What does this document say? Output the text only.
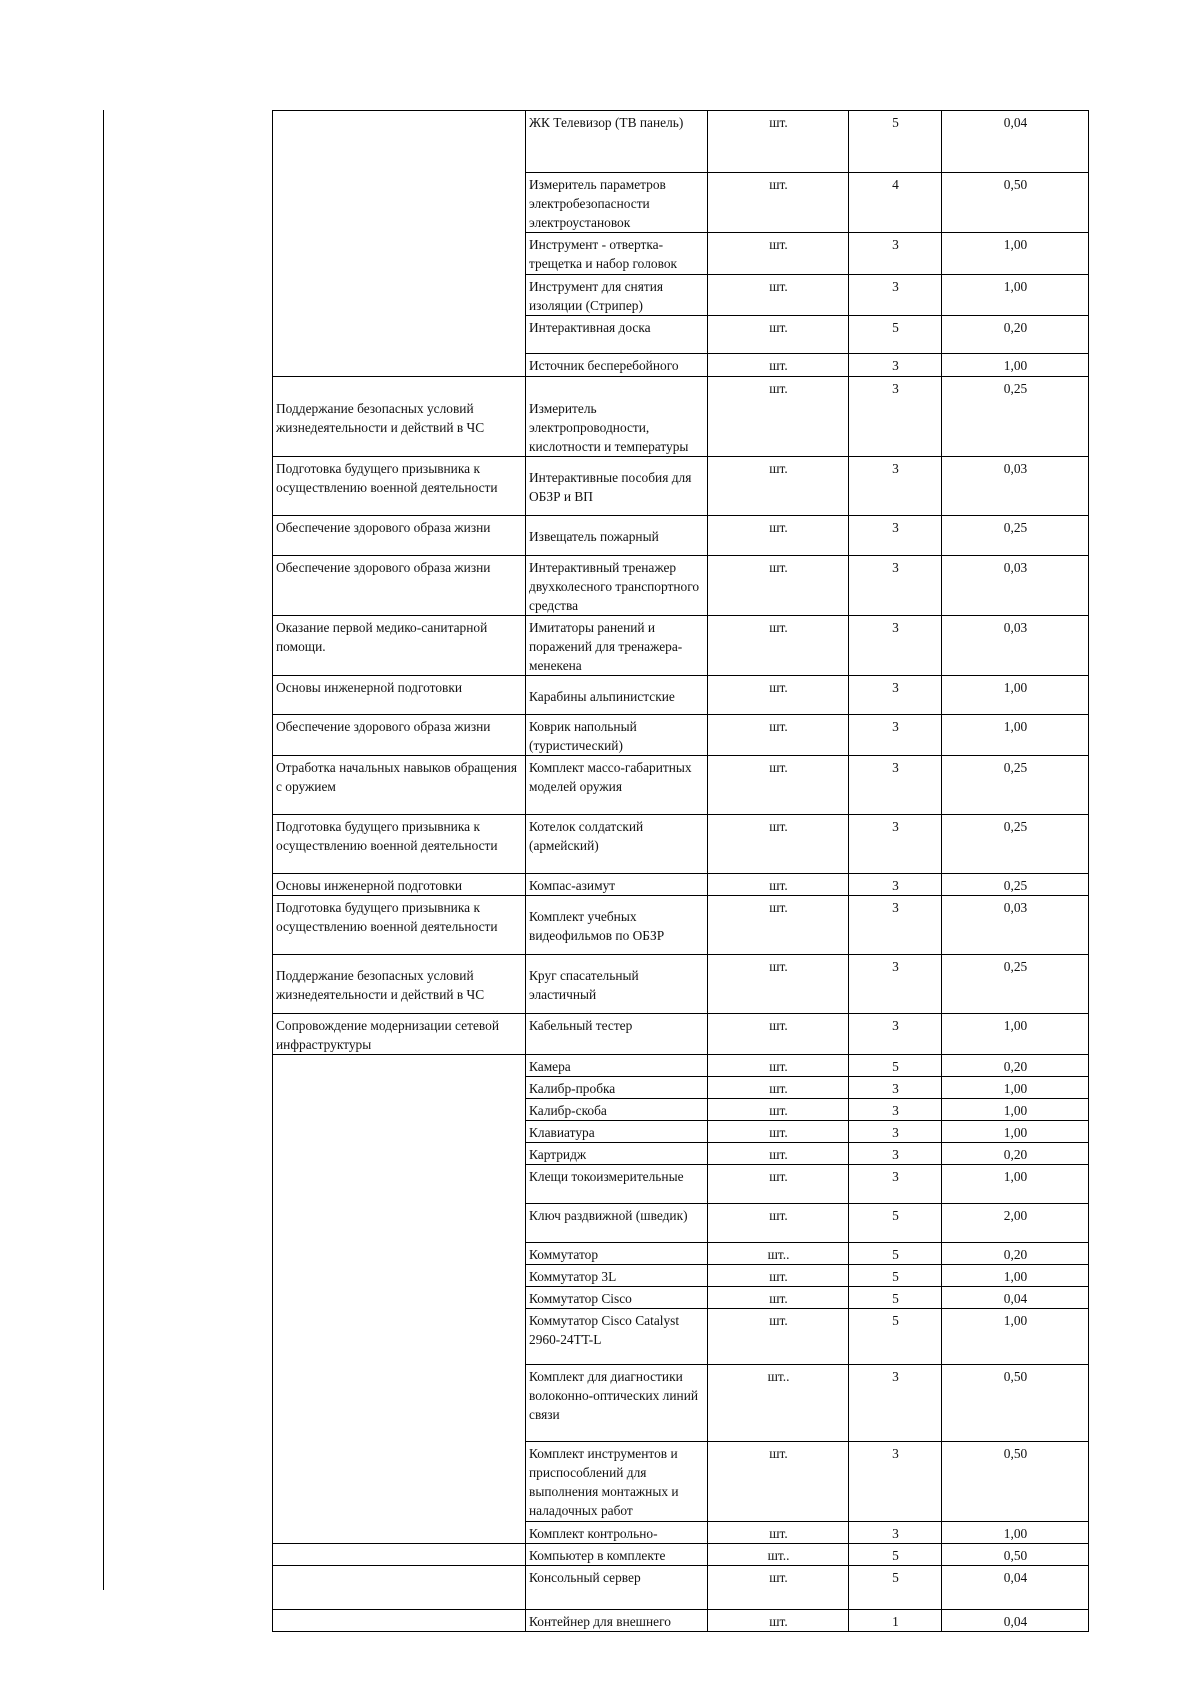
	ЖК Телевизор (ТВ панель)	шт.	5	0,04
	Измеритель параметров электробезопасности электроустановок	шт.	4	0,50
	Инструмент - отвертка-трещетка и набор головок	шт.	3	1,00
	Инструмент для снятия изоляции (Стрипер)	шт.	3	1,00
	Интерактивная доска	шт.	5	0,20
	Источник бесперебойного	шт.	3	1,00
Поддержание безопасных условий жизнедеятельности и действий в ЧС	Измеритель электропроводности, кислотности и температуры	шт.	3	0,25
Подготовка будущего призывника к осуществлению военной деятельности	Интерактивные пособия для ОБЗР и ВП	шт.	3	0,03
Обеспечение здорового образа жизни	Извещатель пожарный	шт.	3	0,25
Обеспечение здорового образа жизни	Интерактивный тренажер двухколесного транспортного средства	шт.	3	0,03
Оказание первой медико-санитарной помощи.	Имитаторы ранений и поражений для тренажера-менекена	шт.	3	0,03
Основы инженерной подготовки	Карабины альпинистские	шт.	3	1,00
Обеспечение здорового образа жизни	Коврик напольный (туристический)	шт.	3	1,00
Отработка начальных навыков обращения с оружием	Комплект массо-габаритных моделей оружия	шт.	3	0,25
Подготовка будущего призывника к осуществлению военной деятельности	Котелок солдатский (армейский)	шт.	3	0,25
Основы инженерной подготовки	Компас-азимут	шт.	3	0,25
Подготовка будущего призывника к осуществлению военной деятельности	Комплект учебных видеофильмов по ОБЗР	шт.	3	0,03
Поддержание безопасных условий жизнедеятельности и действий в ЧС	Круг спасательный эластичный	шт.	3	0,25
Сопровождение модернизации сетевой инфраструктуры	Кабельный тестер	шт.	3	1,00
	Камера	шт.	5	0,20
	Калибр-пробка	шт.	3	1,00
	Калибр-скоба	шт.	3	1,00
	Клавиатура	шт.	3	1,00
	Картридж	шт.	3	0,20
	Клещи токоизмерительные	шт.	3	1,00
	Ключ раздвижной (шведик)	шт.	5	2,00
	Коммутатор	шт..	5	0,20
	Коммутатор 3L	шт.	5	1,00
	Коммутатор Cisco	шт.	5	0,04
	Коммутатор Cisco Catalyst 2960-24TT-L	шт.	5	1,00
	Комплект для диагностики волоконно-оптических линий связи	шт..	3	0,50
	Комплект инструментов и приспособлений для выполнения монтажных и наладочных работ	шт.	3	0,50
	Комплект контрольно-	шт.	3	1,00
	Компьютер в комплекте	шт..	5	0,50
	Консольный сервер	шт.	5	0,04
	Контейнер для внешнего	шт.	1	0,04
